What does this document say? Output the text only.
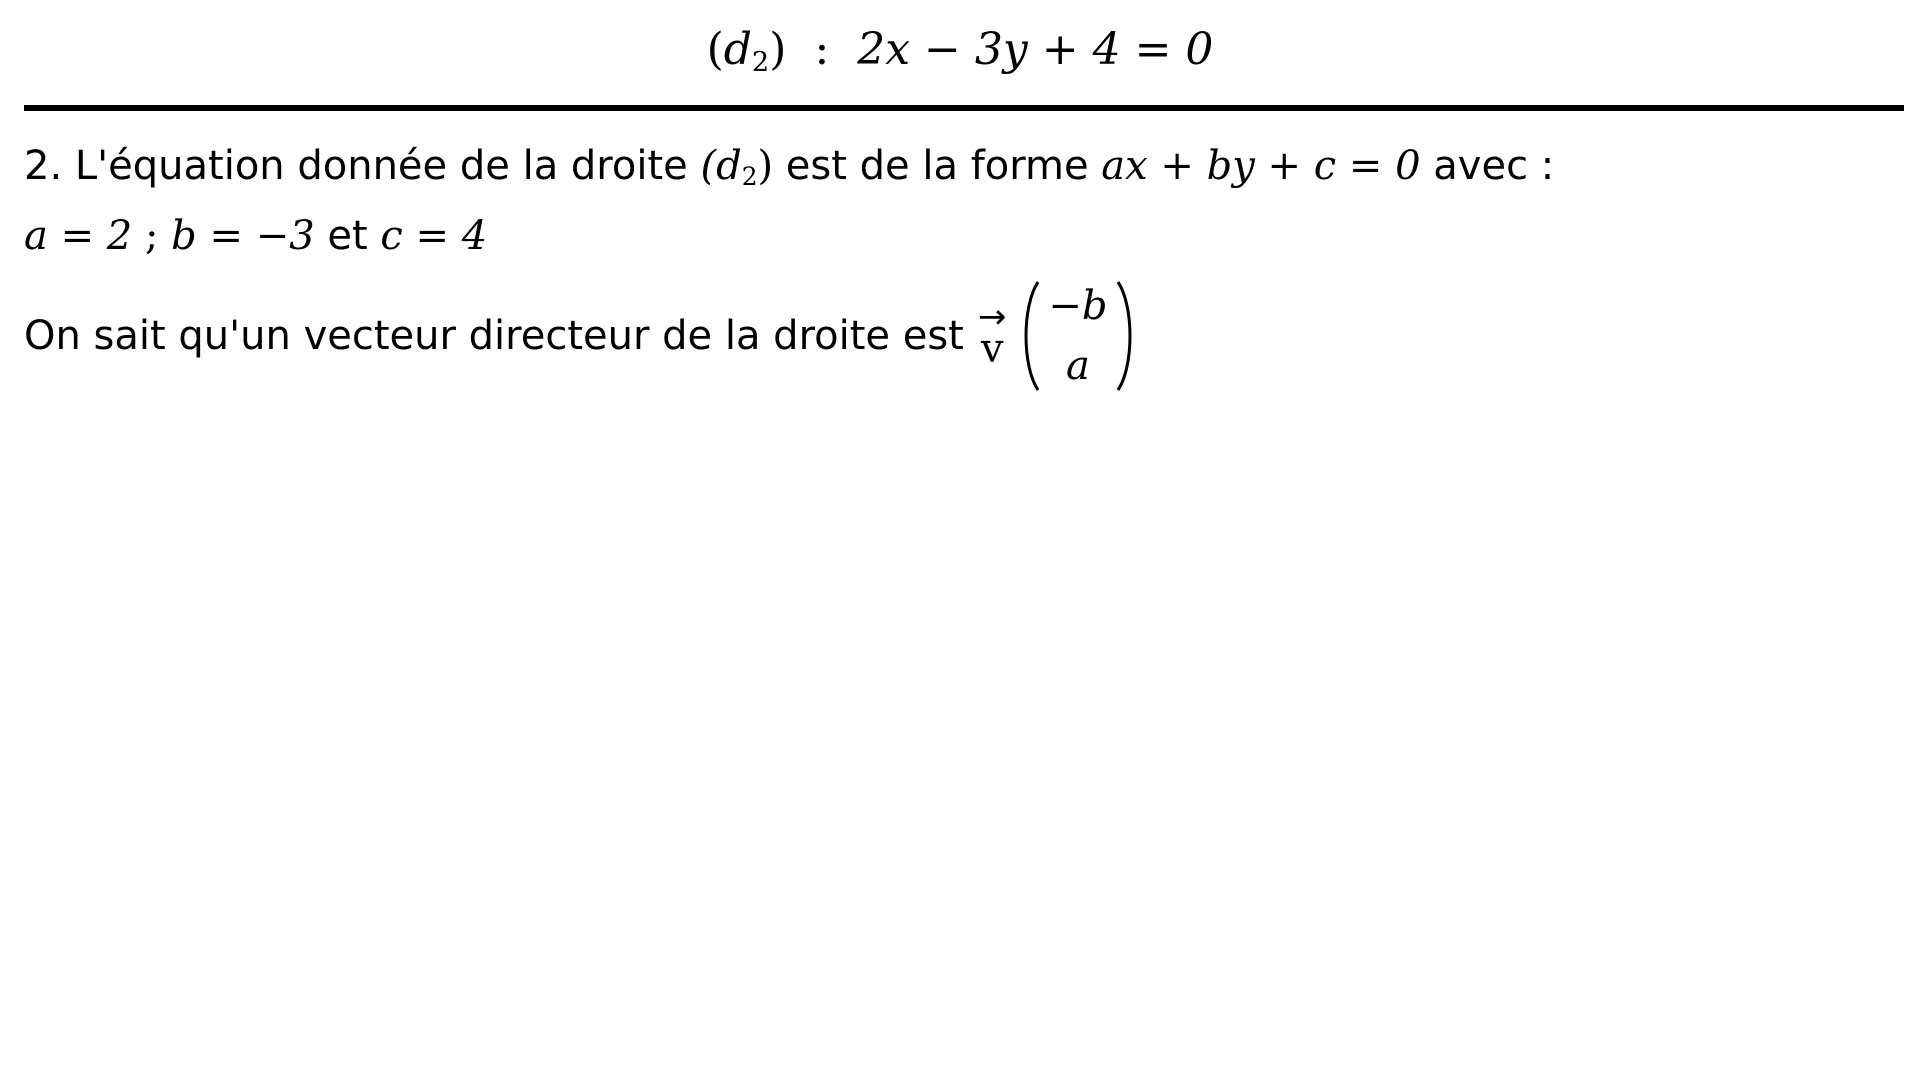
$(d_2)$ : 2x − 3y + 4 = 0
2. L'équation donnée de la droite $(d_2)$ est de la forme ax + by + c = 0 avec :
a = 2 ; b = −3 et c = 4
On sait qu'un vecteur directeur de la droite est →
v
−b
a
